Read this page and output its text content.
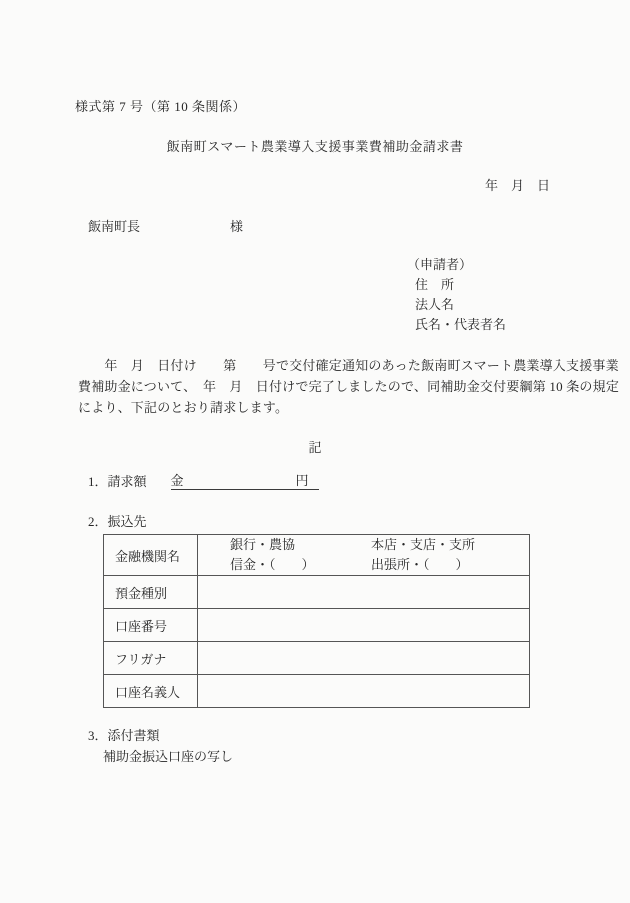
様式第 7 号（第 10 条関係）
飯南町スマート農業導入支援事業費補助金請求書
年　月　日
飯南町長	様
（申請者）
住　所
法人名
氏名・代表者名
　　年　月　日付け　　第　　号で交付確定通知のあった飯南町スマート農業導入支援事業
費補助金について、　年　月　日付けで完了しましたので、同補助金交付要綱第 10 条の規定
により、下記のとおり請求します。
記
1．請求額 金	円
2．振込先
金融機関名	銀行・農協 本店・支店・支所
信金・（　　） 出張所・（　　）

預金種別	
口座番号	
フリガナ	
口座名義人	
3．添付書類
補助金振込口座の写し
